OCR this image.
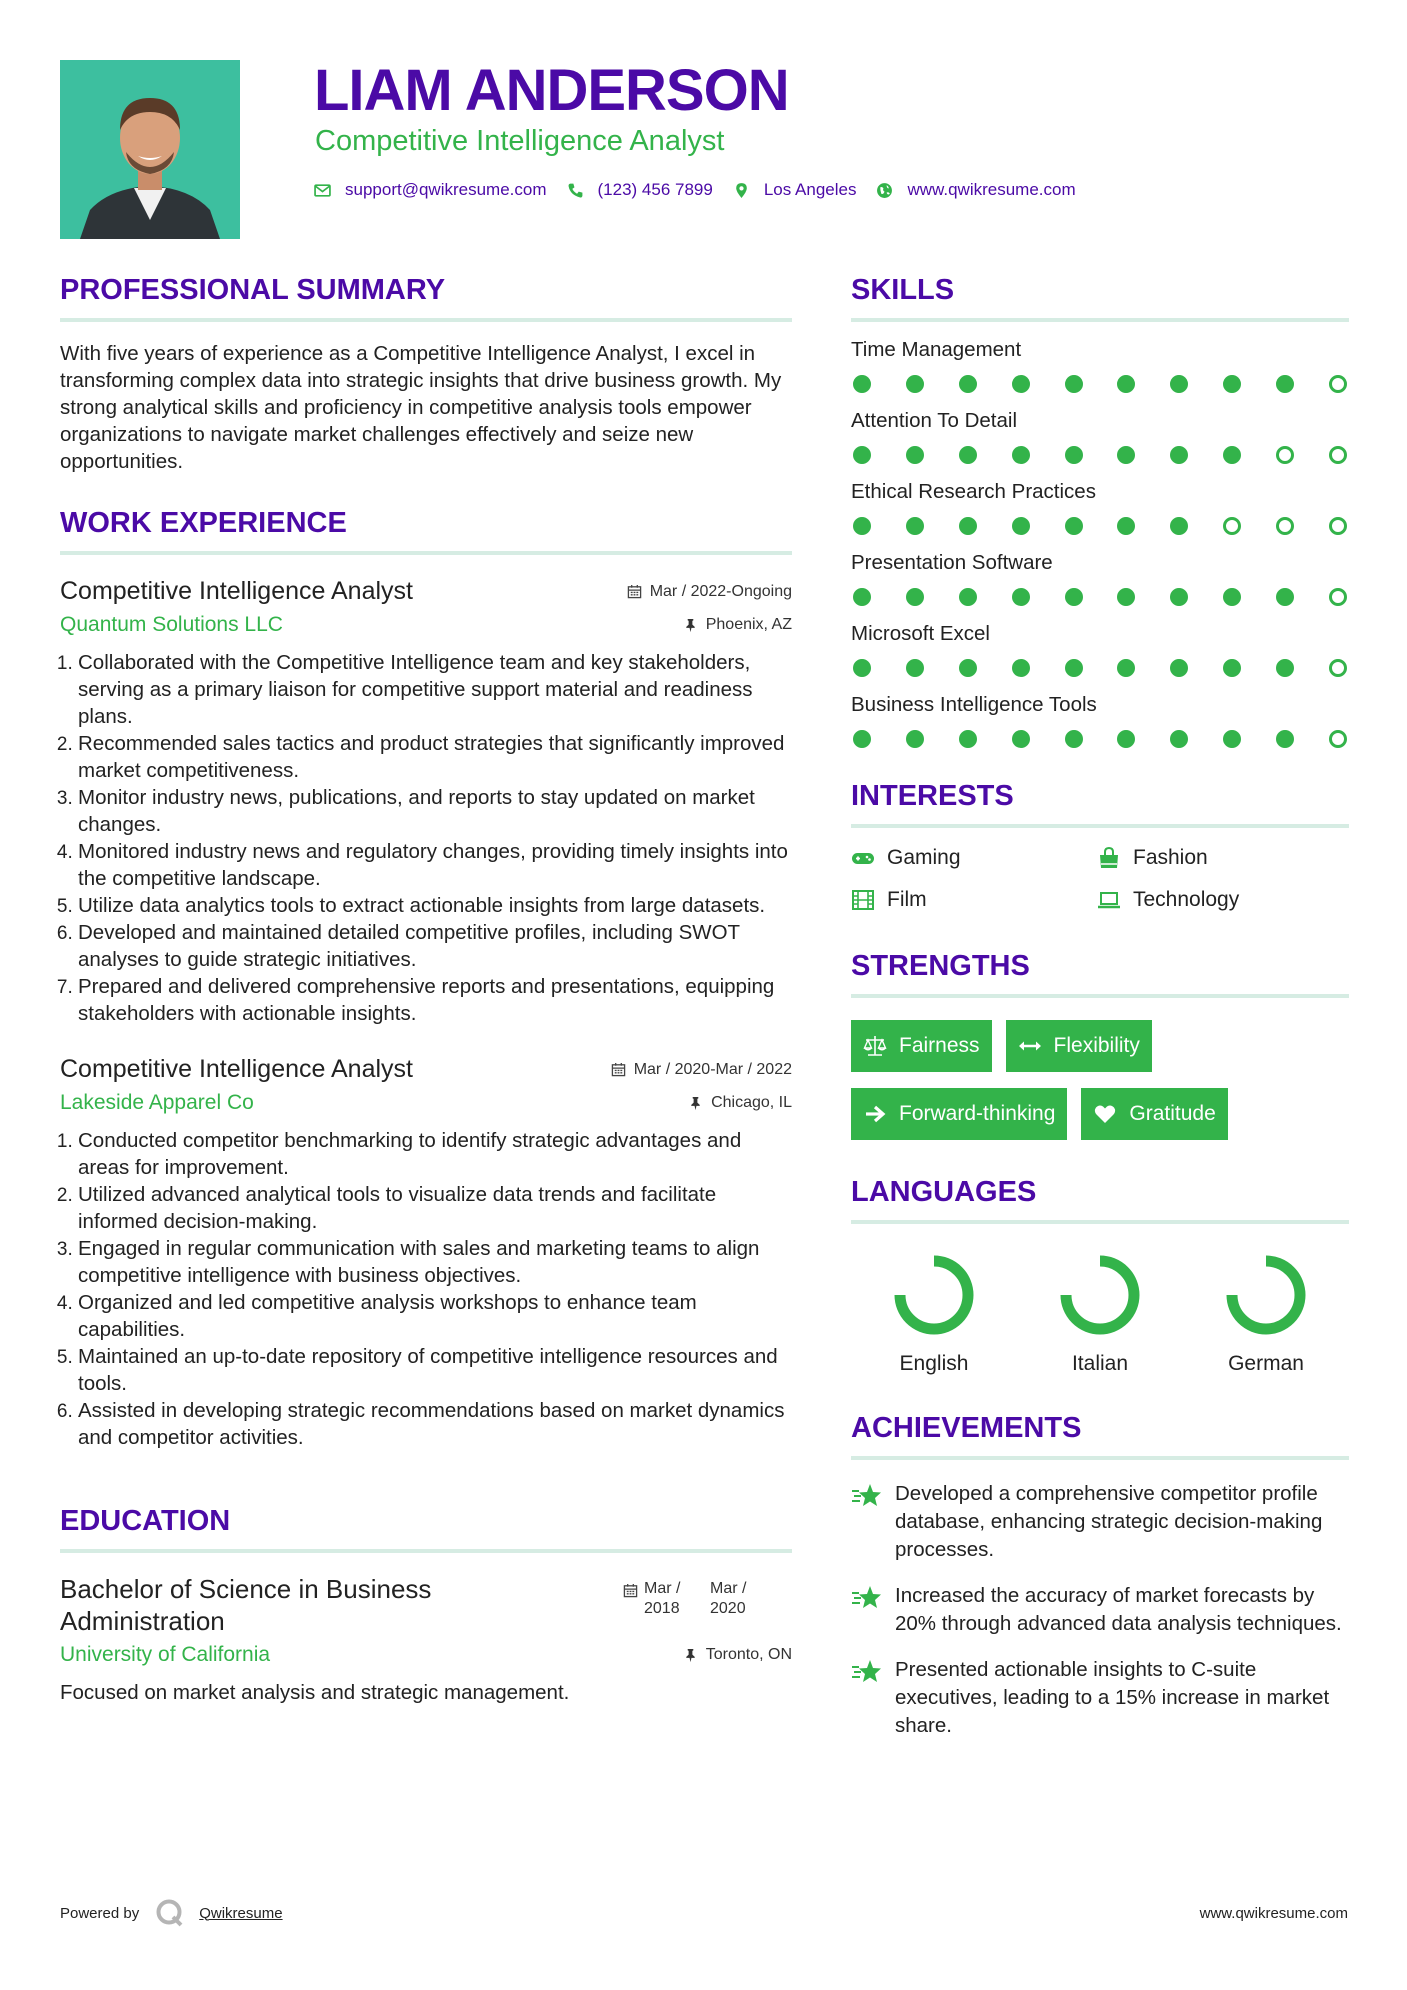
LIAM ANDERSON
Competitive Intelligence Analyst
support@qwikresume.com	(123) 456 7899	Los Angeles	www.qwikresume.com
PROFESSIONAL SUMMARY

With five years of experience as a Competitive Intelligence Analyst, I excel in transforming complex data into strategic insights that drive business growth. My strong analytical skills and proficiency in competitive analysis tools empower organizations to navigate market challenges effectively and seize new opportunities.

WORK EXPERIENCE
Competitive Intelligence Analyst	Mar / 2022-Ongoing
Quantum Solutions LLC	Phoenix, AZ
1. Collaborated with the Competitive Intelligence team and key stakeholders, serving as a primary liaison for competitive support material and readiness plans.
2. Recommended sales tactics and product strategies that significantly improved market competitiveness.
3. Monitor industry news, publications, and reports to stay updated on market changes.
4. Monitored industry news and regulatory changes, providing timely insights into the competitive landscape.
5. Utilize data analytics tools to extract actionable insights from large datasets.
6. Developed and maintained detailed competitive profiles, including SWOT analyses to guide strategic initiatives.
7. Prepared and delivered comprehensive reports and presentations, equipping stakeholders with actionable insights.
Competitive Intelligence Analyst	Mar / 2020-Mar / 2022
Lakeside Apparel Co	Chicago, IL
1. Conducted competitor benchmarking to identify strategic advantages and areas for improvement.
2. Utilized advanced analytical tools to visualize data trends and facilitate informed decision-making.
3. Engaged in regular communication with sales and marketing teams to align competitive intelligence with business objectives.
4. Organized and led competitive analysis workshops to enhance team capabilities.
5. Maintained an up-to-date repository of competitive intelligence resources and tools.
6. Assisted in developing strategic recommendations based on market dynamics and competitor activities.
EDUCATION
Bachelor of Science in Business Administration
Mar / 2018
Mar / 2020
University of California	Toronto, ON

Focused on market analysis and strategic management.

SKILLS
Time Management
Attention To Detail
Ethical Research Practices
Presentation Software
Microsoft Excel
Business Intelligence Tools
INTERESTS
Gaming	Fashion
Film	Technology
STRENGTHS
Fairness	Flexibility
Forward-thinking	Gratitude
LANGUAGES
English	Italian	German
ACHIEVEMENTS
Developed a comprehensive competitor profile database, enhancing strategic decision-making processes.
Increased the accuracy of market forecasts by 20% through advanced data analysis techniques.
Presented actionable insights to C-suite executives, leading to a 15% increase in market share.
Powered by	Qwikresume	www.qwikresume.com
